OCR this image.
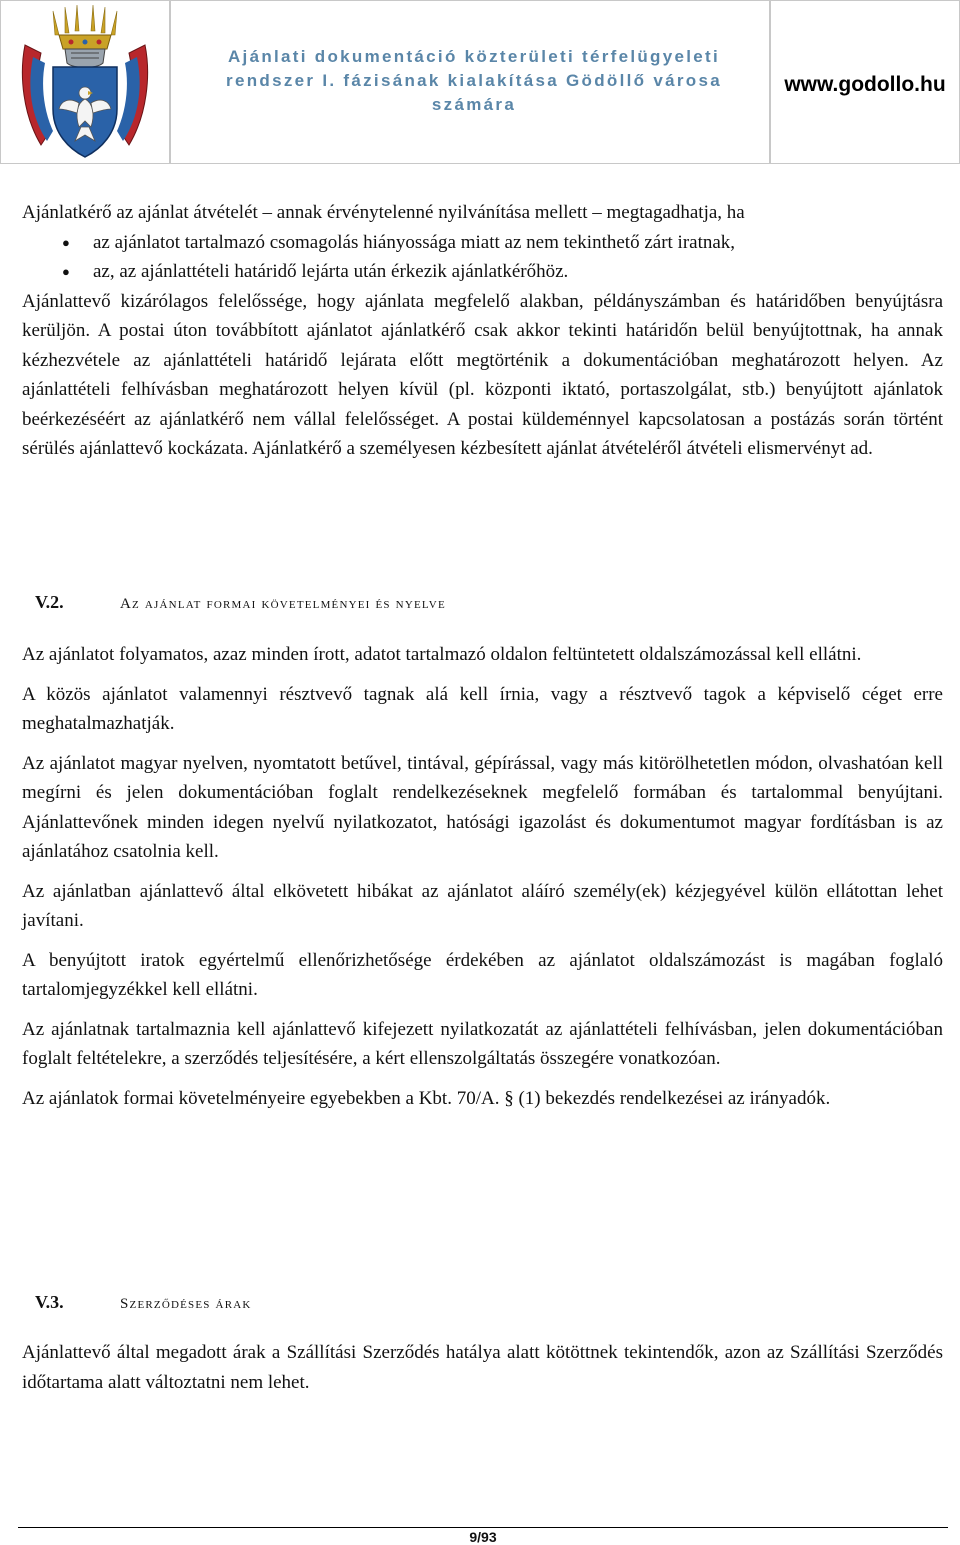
Ajánlati dokumentáció közterületi térfelügyeleti rendszer I. fázisának kialakítása Gödöllő városa számára
www.godollo.hu

Ajánlatkérő az ajánlat átvételét – annak érvénytelenné nyilvánítása mellett – megtagadhatja, ha

● az ajánlatot tartalmazó csomagolás hiányossága miatt az nem tekinthető zárt iratnak,
● az, az ajánlattételi határidő lejárta után érkezik ajánlatkérőhöz.

Ajánlattevő kizárólagos felelőssége, hogy ajánlata megfelelő alakban, példányszámban és határidőben benyújtásra kerüljön. A postai úton továbbított ajánlatot ajánlatkérő csak akkor tekinti határidőn belül benyújtottnak, ha annak kézhezvétele az ajánlattételi határidő lejárata előtt megtörténik a dokumentációban meghatározott helyen. Az ajánlattételi felhívásban meghatározott helyen kívül (pl. központi iktató, portaszolgálat, stb.) benyújtott ajánlatok beérkezéséért az ajánlatkérő nem vállal felelősséget. A postai küldeménnyel kapcsolatosan a postázás során történt sérülés ajánlattevő kockázata. Ajánlatkérő a személyesen kézbesített ajánlat átvételéről átvételi elismervényt ad.

V.2.	Az ajánlat formai követelményei és nyelve

Az ajánlatot folyamatos, azaz minden írott, adatot tartalmazó oldalon feltüntetett oldalszámozással kell ellátni.

A közös ajánlatot valamennyi résztvevő tagnak alá kell írnia, vagy a résztvevő tagok a képviselő céget erre meghatalmazhatják.

Az ajánlatot magyar nyelven, nyomtatott betűvel, tintával, gépírással, vagy más kitörölhetetlen módon, olvashatóan kell megírni és jelen dokumentációban foglalt rendelkezéseknek megfelelő formában és tartalommal benyújtani. Ajánlattevőnek minden idegen nyelvű nyilatkozatot, hatósági igazolást és dokumentumot magyar fordításban is az ajánlatához csatolnia kell.

Az ajánlatban ajánlattevő által elkövetett hibákat az ajánlatot aláíró személy(ek) kézjegyével külön ellátottan lehet javítani.

A benyújtott iratok egyértelmű ellenőrizhetősége érdekében az ajánlatot oldalszámozást is magában foglaló tartalomjegyzékkel kell ellátni.

Az ajánlatnak tartalmaznia kell ajánlattevő kifejezett nyilatkozatát az ajánlattételi felhívásban, jelen dokumentációban foglalt feltételekre, a szerződés teljesítésére, a kért ellenszolgáltatás összegére vonatkozóan.

Az ajánlatok formai követelményeire egyebekben a Kbt. 70/A. § (1) bekezdés rendelkezései az irányadók.

V.3.	Szerződéses árak

Ajánlattevő által megadott árak a Szállítási Szerződés hatálya alatt kötöttnek tekintendők, azon az Szállítási Szerződés időtartama alatt változtatni nem lehet.

9/93
